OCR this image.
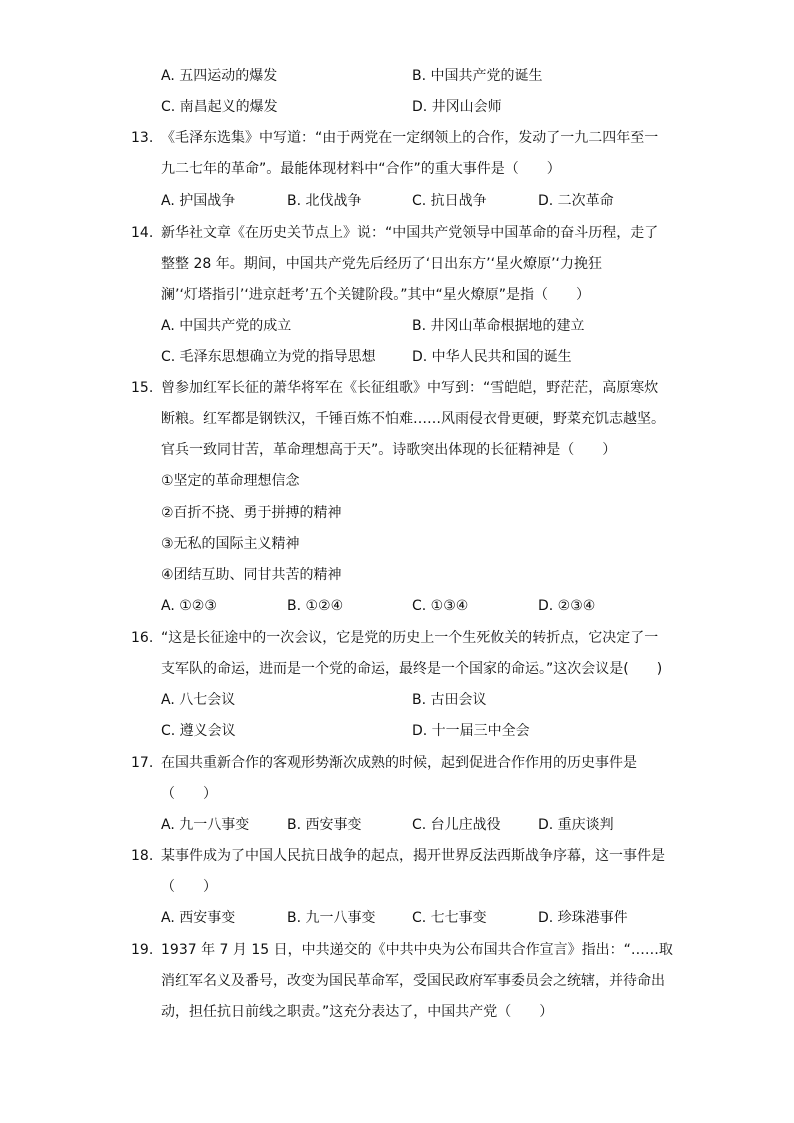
A. 五四运动的爆发	B. 中国共产党的诞生
C. 南昌起义的爆发	D. 井冈山会师
13. 《毛泽东选集》中写道：“由于两党在一定纲领上的合作，发动了一九二四年至一
九二七年的革命”。最能体现材料中“合作”的重大事件是（　　）
A. 护国战争	B. 北伐战争	C. 抗日战争	D. 二次革命
14. 新华社文章《在历史关节点上》说：“中国共产党领导中国革命的奋斗历程，走了
整整 28 年。期间，中国共产党先后经历了‘日出东方’‘星火燎原’‘力挽狂
澜’‘灯塔指引’‘进京赶考’五个关键阶段。”其中“星火燎原”是指（　　）
A. 中国共产党的成立	B. 井冈山革命根据地的建立
C. 毛泽东思想确立为党的指导思想	D. 中华人民共和国的诞生
15. 曾参加红军长征的萧华将军在《长征组歌》中写到：“雪皑皑，野茫茫，高原寒炊
断粮。红军都是钢铁汉，千锤百炼不怕难……风雨侵衣骨更硬，野菜充饥志越坚。
官兵一致同甘苦，革命理想高于天”。诗歌突出体现的长征精神是（　　）
①坚定的革命理想信念
②百折不挠、勇于拼搏的精神
③无私的国际主义精神
④团结互助、同甘共苦的精神
A. ①②③	B. ①②④	C. ①③④	D. ②③④
16. “这是长征途中的一次会议，它是党的历史上一个生死攸关的转折点，它决定了一
支军队的命运，进而是一个党的命运，最终是一个国家的命运。”这次会议是(　　)
A. 八七会议	B. 古田会议
C. 遵义会议	D. 十一届三中全会
17. 在国共重新合作的客观形势渐次成熟的时候，起到促进合作作用的历史事件是
（　　）
A. 九一八事变	B. 西安事变	C. 台儿庄战役	D. 重庆谈判
18. 某事件成为了中国人民抗日战争的起点，揭开世界反法西斯战争序幕，这一事件是
（　　）
A. 西安事变	B. 九一八事变	C. 七七事变	D. 珍珠港事件
19. 1937 年 7 月 15 日，中共递交的《中共中央为公布国共合作宣言》指出：“……取
消红军名义及番号，改变为国民革命军，受国民政府军事委员会之统辖，并待命出
动，担任抗日前线之职责。”这充分表达了，中国共产党（　　）
